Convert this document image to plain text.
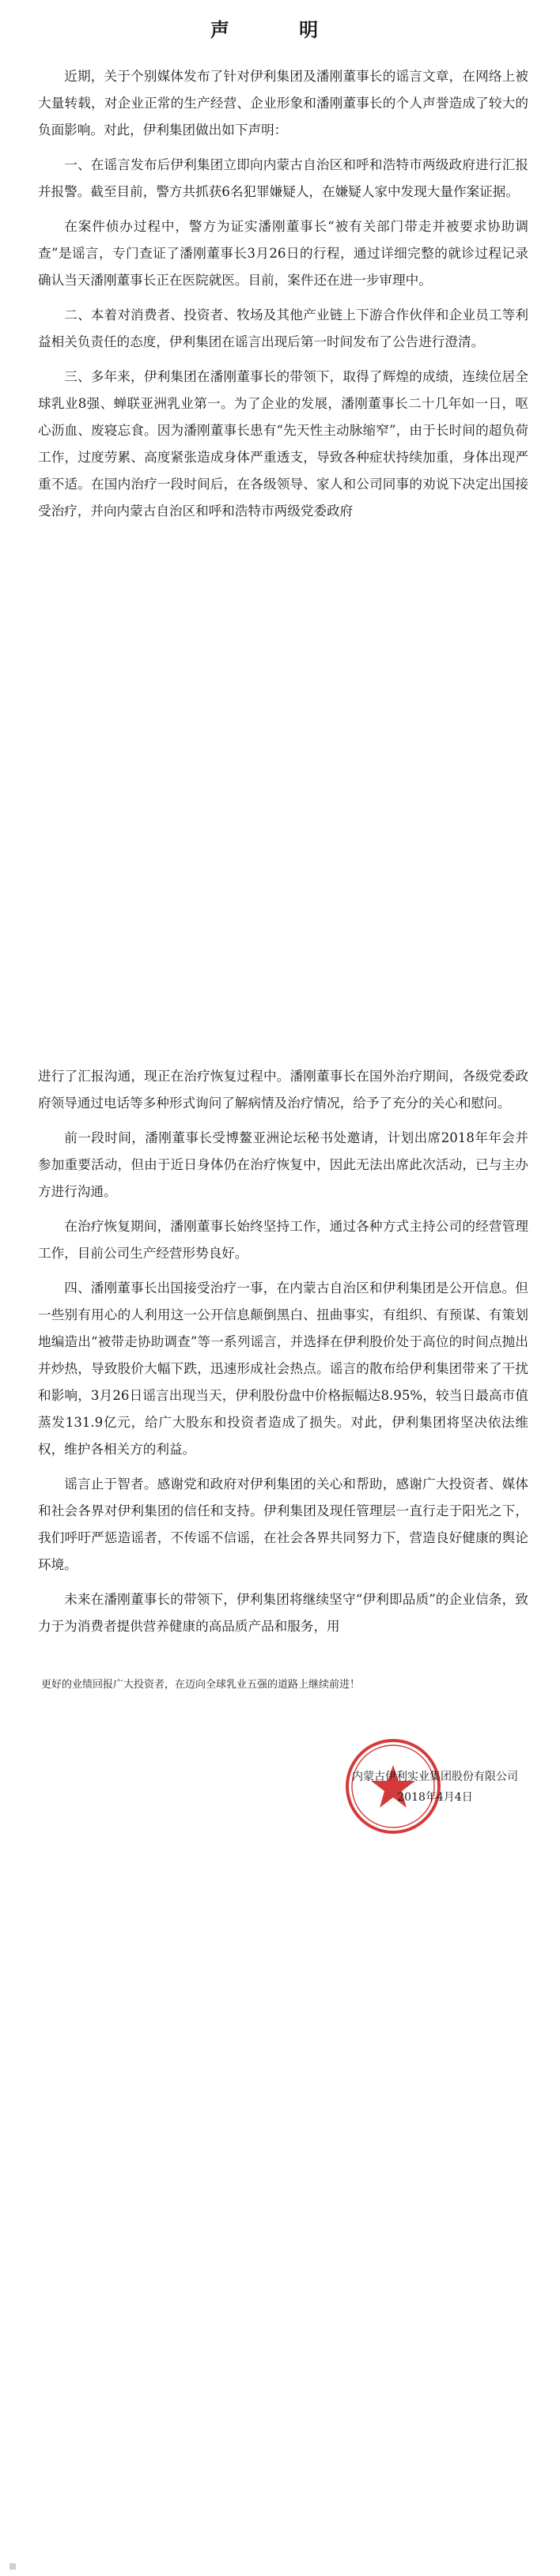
声 明

近期，关于个别媒体发布了针对伊利集团及潘刚董事长的谣言文章，在网络上被大量转载，对企业正常的生产经营、企业形象和潘刚董事长的个人声誉造成了较大的负面影响。对此，伊利集团做出如下声明：

一、在谣言发布后伊利集团立即向内蒙古自治区和呼和浩特市两级政府进行汇报并报警。截至目前，警方共抓获6名犯罪嫌疑人，在嫌疑人家中发现大量作案证据。

在案件侦办过程中，警方为证实潘刚董事长“被有关部门带走并被要求协助调查”是谣言，专门查证了潘刚董事长3月26日的行程，通过详细完整的就诊过程记录确认当天潘刚董事长正在医院就医。目前，案件还在进一步审理中。

二、本着对消费者、投资者、牧场及其他产业链上下游合作伙伴和企业员工等利益相关负责任的态度，伊利集团在谣言出现后第一时间发布了公告进行澄清。

三、多年来，伊利集团在潘刚董事长的带领下，取得了辉煌的成绩，连续位居全球乳业8强、蝉联亚洲乳业第一。为了企业的发展，潘刚董事长二十几年如一日，呕心沥血、废寝忘食。因为潘刚董事长患有“先天性主动脉缩窄”，由于长时间的超负荷工作，过度劳累、高度紧张造成身体严重透支，导致各种症状持续加重，身体出现严重不适。在国内治疗一段时间后，在各级领导、家人和公司同事的劝说下决定出国接受治疗，并向内蒙古自治区和呼和浩特市两级党委政府

进行了汇报沟通，现正在治疗恢复过程中。潘刚董事长在国外治疗期间，各级党委政府领导通过电话等多种形式询问了解病情及治疗情况，给予了充分的关心和慰问。

前一段时间，潘刚董事长受博鳌亚洲论坛秘书处邀请，计划出席2018年年会并参加重要活动，但由于近日身体仍在治疗恢复中，因此无法出席此次活动，已与主办方进行沟通。

在治疗恢复期间，潘刚董事长始终坚持工作，通过各种方式主持公司的经营管理工作，目前公司生产经营形势良好。

四、潘刚董事长出国接受治疗一事，在内蒙古自治区和伊利集团是公开信息。但一些别有用心的人利用这一公开信息颠倒黑白、扭曲事实，有组织、有预谋、有策划地编造出“被带走协助调查”等一系列谣言，并选择在伊利股价处于高位的时间点抛出并炒热，导致股价大幅下跌，迅速形成社会热点。谣言的散布给伊利集团带来了干扰和影响，3月26日谣言出现当天，伊利股份盘中价格振幅达8.95%，较当日最高市值蒸发131.9亿元，给广大股东和投资者造成了损失。对此，伊利集团将坚决依法维权，维护各相关方的利益。

谣言止于智者。感谢党和政府对伊利集团的关心和帮助，感谢广大投资者、媒体和社会各界对伊利集团的信任和支持。伊利集团及现任管理层一直行走于阳光之下，我们呼吁严惩造谣者，不传谣不信谣，在社会各界共同努力下，营造良好健康的舆论环境。

未来在潘刚董事长的带领下，伊利集团将继续坚守“伊利即品质”的企业信条，致力于为消费者提供营养健康的高品质产品和服务，用

更好的业绩回报广大投资者，在迈向全球乳业五强的道路上继续前进！
内蒙古伊利实业集团股份有限公司
2018年4月4日
